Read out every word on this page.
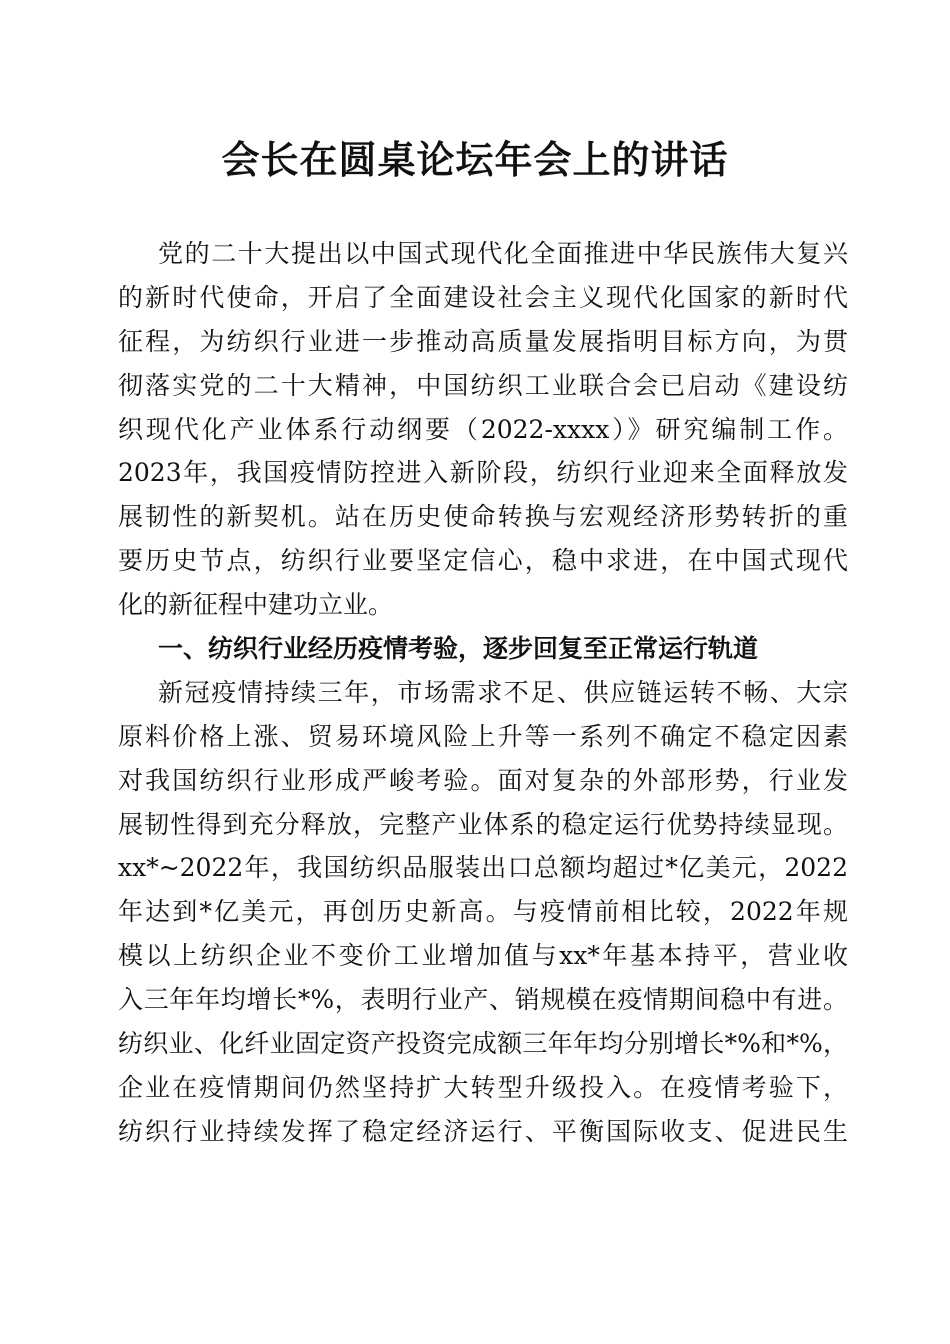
会长在圆桌论坛年会上的讲话
党的二十大提出以中国式现代化全面推进中华民族伟大复兴
的新时代使命，开启了全面建设社会主义现代化国家的新时代
征程，为纺织行业进一步推动高质量发展指明目标方向，为贯
彻落实党的二十大精神，中国纺织工业联合会已启动《建设纺
织现代化产业体系行动纲要（2022-xxxx）》研究编制工作。
2023年，我国疫情防控进入新阶段，纺织行业迎来全面释放发
展韧性的新契机。站在历史使命转换与宏观经济形势转折的重
要历史节点，纺织行业要坚定信心，稳中求进，在中国式现代
化的新征程中建功立业。
一、纺织行业经历疫情考验，逐步回复至正常运行轨道
新冠疫情持续三年，市场需求不足、供应链运转不畅、大宗
原料价格上涨、贸易环境风险上升等一系列不确定不稳定因素
对我国纺织行业形成严峻考验。面对复杂的外部形势，行业发
展韧性得到充分释放，完整产业体系的稳定运行优势持续显现。
xx*~2022年，我国纺织品服装出口总额均超过*亿美元，2022
年达到*亿美元，再创历史新高。与疫情前相比较，2022年规
模以上纺织企业不变价工业增加值与xx*年基本持平，营业收
入三年年均增长*%，表明行业产、销规模在疫情期间稳中有进。
纺织业、化纤业固定资产投资完成额三年年均分别增长*%和*%，
企业在疫情期间仍然坚持扩大转型升级投入。在疫情考验下，
纺织行业持续发挥了稳定经济运行、平衡国际收支、促进民生
